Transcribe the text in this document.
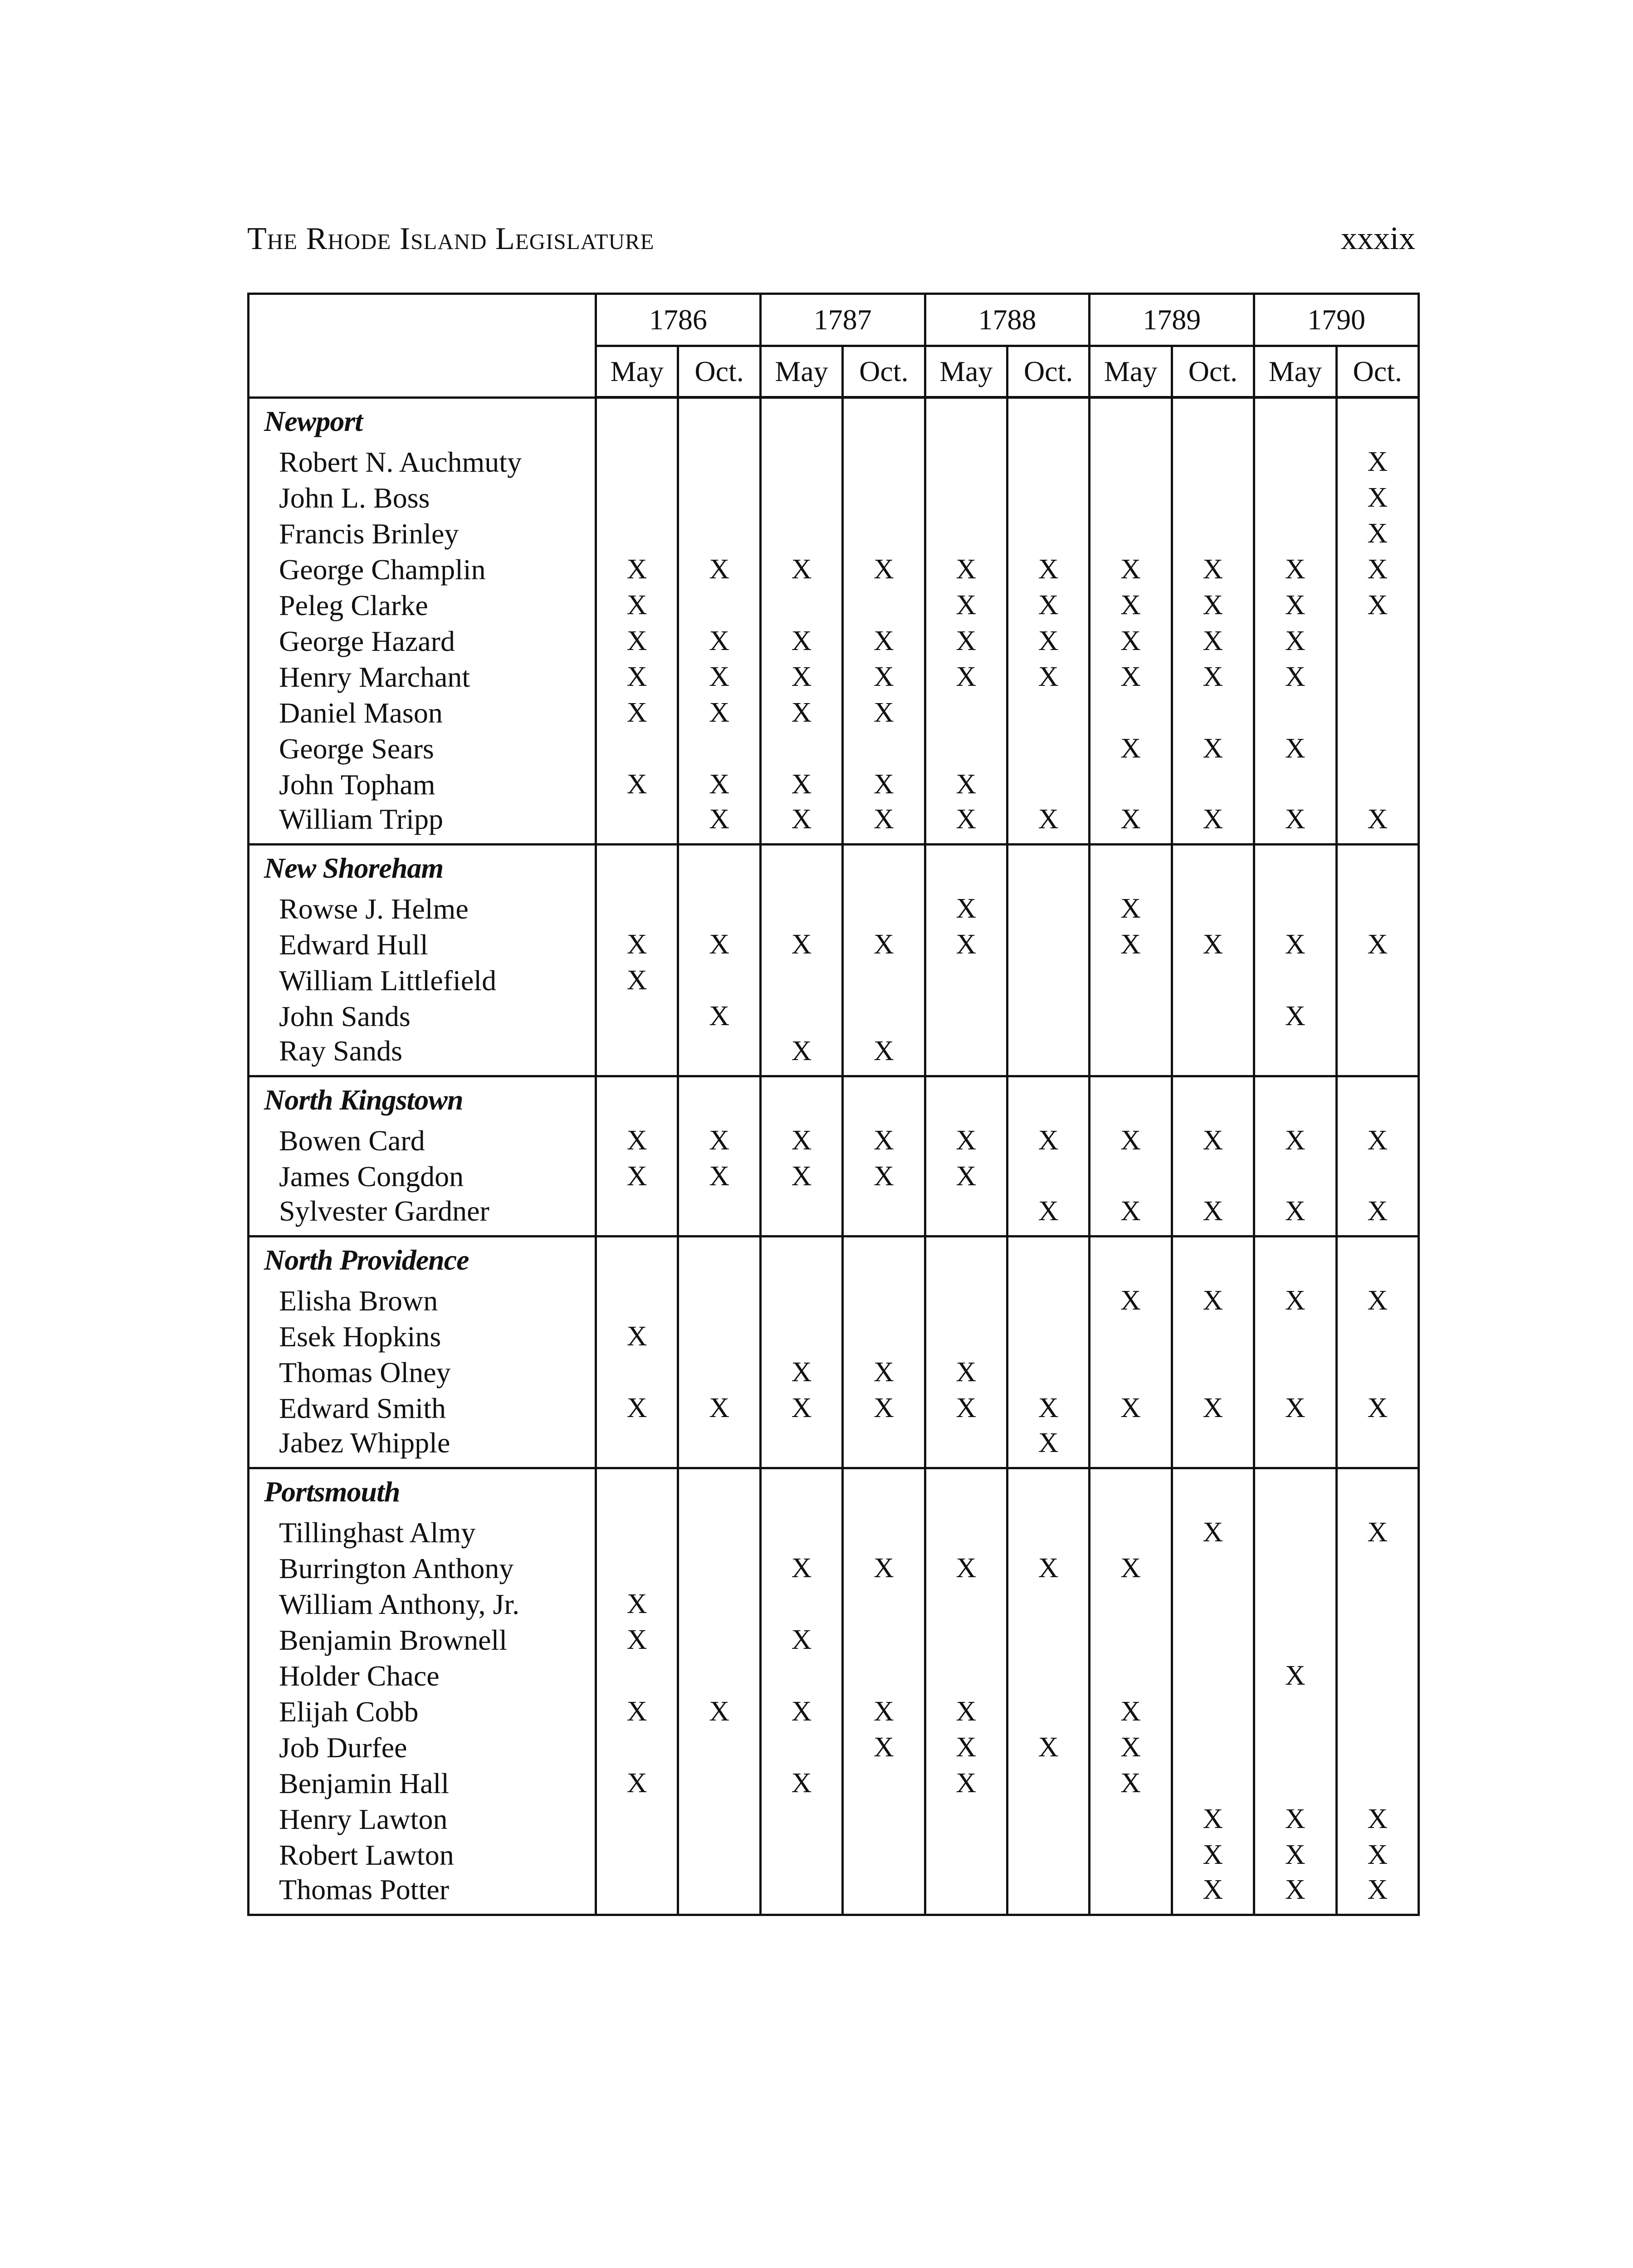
The Rhode Island Legislature	xxxix
	1786		1787		1788		1789		1790	
	May	Oct.	May	Oct.	May	Oct.	May	Oct.	May	Oct.
Newport										
Robert N. Auchmuty										X
John L. Boss										X
Francis Brinley										X
George Champlin	X	X	X	X	X	X	X	X	X	X
Peleg Clarke	X				X	X	X	X	X	X
George Hazard	X	X	X	X	X	X	X	X	X	
Henry Marchant	X	X	X	X	X	X	X	X	X	
Daniel Mason	X	X	X	X						
George Sears							X	X	X	
John Topham	X	X	X	X	X					
William Tripp		X	X	X	X	X	X	X	X	X
New Shoreham										
Rowse J. Helme					X		X			
Edward Hull	X	X	X	X	X		X	X	X	X
William Littlefield	X									
John Sands		X							X	
Ray Sands			X	X						
North Kingstown										
Bowen Card	X	X	X	X	X	X	X	X	X	X
James Congdon	X	X	X	X	X					
Sylvester Gardner						X	X	X	X	X
North Providence										
Elisha Brown							X	X	X	X
Esek Hopkins	X									
Thomas Olney			X	X	X					
Edward Smith	X	X	X	X	X	X	X	X	X	X
Jabez Whipple						X				
Portsmouth										
Tillinghast Almy								X		X
Burrington Anthony			X	X	X	X	X			
William Anthony, Jr.	X									
Benjamin Brownell	X		X							
Holder Chace									X	
Elijah Cobb	X	X	X	X	X		X			
Job Durfee				X	X	X	X			
Benjamin Hall	X		X		X		X			
Henry Lawton								X	X	X
Robert Lawton								X	X	X
Thomas Potter								X	X	X
